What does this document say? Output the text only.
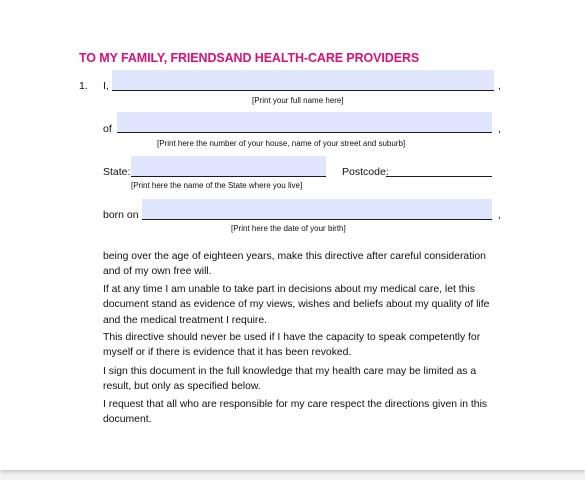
TO MY FAMILY, FRIENDSAND HEALTH-CARE PROVIDERS
1. I,	,
[Print your full name here]
of	,
[Print here the number of your house, name of your street and suburb]
State:
[Print here the name of the State where you live]
Postcode:
born on	,
[Print here the date of your birth]

being over the age of eighteen years, make this directive after careful consideration and of my own free will.

If at any time I am unable to take part in decisions about my medical care, let this document stand as evidence of my views, wishes and beliefs about my quality of life and the medical treatment I require.

This directive should never be used if I have the capacity to speak competently for myself or if there is evidence that it has been revoked.

I sign this document in the full knowledge that my health care may be limited as a result, but only as specified below.

I request that all who are responsible for my care respect the directions given in this document.
